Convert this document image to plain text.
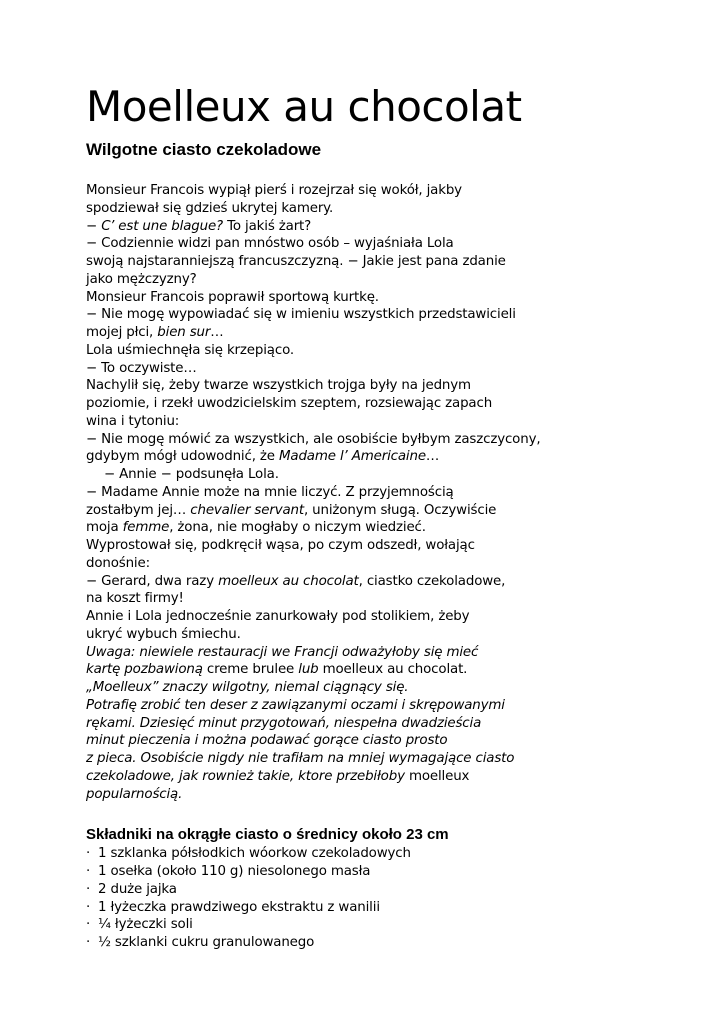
Moelleux au chocolat
Wilgotne ciasto czekoladowe

Monsieur Francois wypiął pierś i rozejrzał się wokół, jakby

spodziewał się gdzieś ukrytej kamery.

− C’ est une blague? To jakiś żart?

− Codziennie widzi pan mnóstwo osób – wyjaśniała Lola

swoją najstaranniejszą francuszczyzną. − Jakie jest pana zdanie

jako mężczyzny?

Monsieur Francois poprawił sportową kurtkę.

− Nie mogę wypowiadać się w imieniu wszystkich przedstawicieli

mojej płci, bien sur…

Lola uśmiechnęła się krzepiąco.

− To oczywiste…

Nachylił się, żeby twarze wszystkich trojga były na jednym

poziomie, i rzekł uwodzicielskim szeptem, rozsiewając zapach

wina i tytoniu:

− Nie mogę mówić za wszystkich, ale osobiście byłbym zaszczycony,

gdybym mógł udowodnić, że Madame l’ Americaine…

− Annie − podsunęła Lola.

− Madame Annie może na mnie liczyć. Z przyjemnością

zostałbym jej… chevalier servant, uniżonym sługą. Oczywiście

moja femme, żona, nie mogłaby o niczym wiedzieć.

Wyprostował się, podkręcił wąsa, po czym odszedł, wołając

donośnie:

− Gerard, dwa razy moelleux au chocolat, ciastko czekoladowe,

na koszt firmy!

Annie i Lola jednocześnie zanurkowały pod stolikiem, żeby

ukryć wybuch śmiechu.

Uwaga: niewiele restauracji we Francji odważyłoby się mieć

kartę pozbawioną creme brulee lub moelleux au chocolat.

„Moelleux” znaczy wilgotny, niemal ciągnący się.

Potrafię zrobić ten deser z zawiązanymi oczami i skrępowanymi

rękami. Dziesięć minut przygotowań, niespełna dwadzieścia

minut pieczenia i można podawać gorące ciasto prosto

z pieca. Osobiście nigdy nie trafiłam na mniej wymagające ciasto

czekoladowe, jak rownież takie, ktore przebiłoby moelleux

popularnością.

Składniki na okrągłe ciasto o średnicy około 23 cm
· 1 szklanka półsłodkich wóorkow czekoladowych
· 1 osełka (około 110 g) niesolonego masła
· 2 duże jajka
· 1 łyżeczka prawdziwego ekstraktu z wanilii
· ¼ łyżeczki soli
· ½ szklanki cukru granulowanego
